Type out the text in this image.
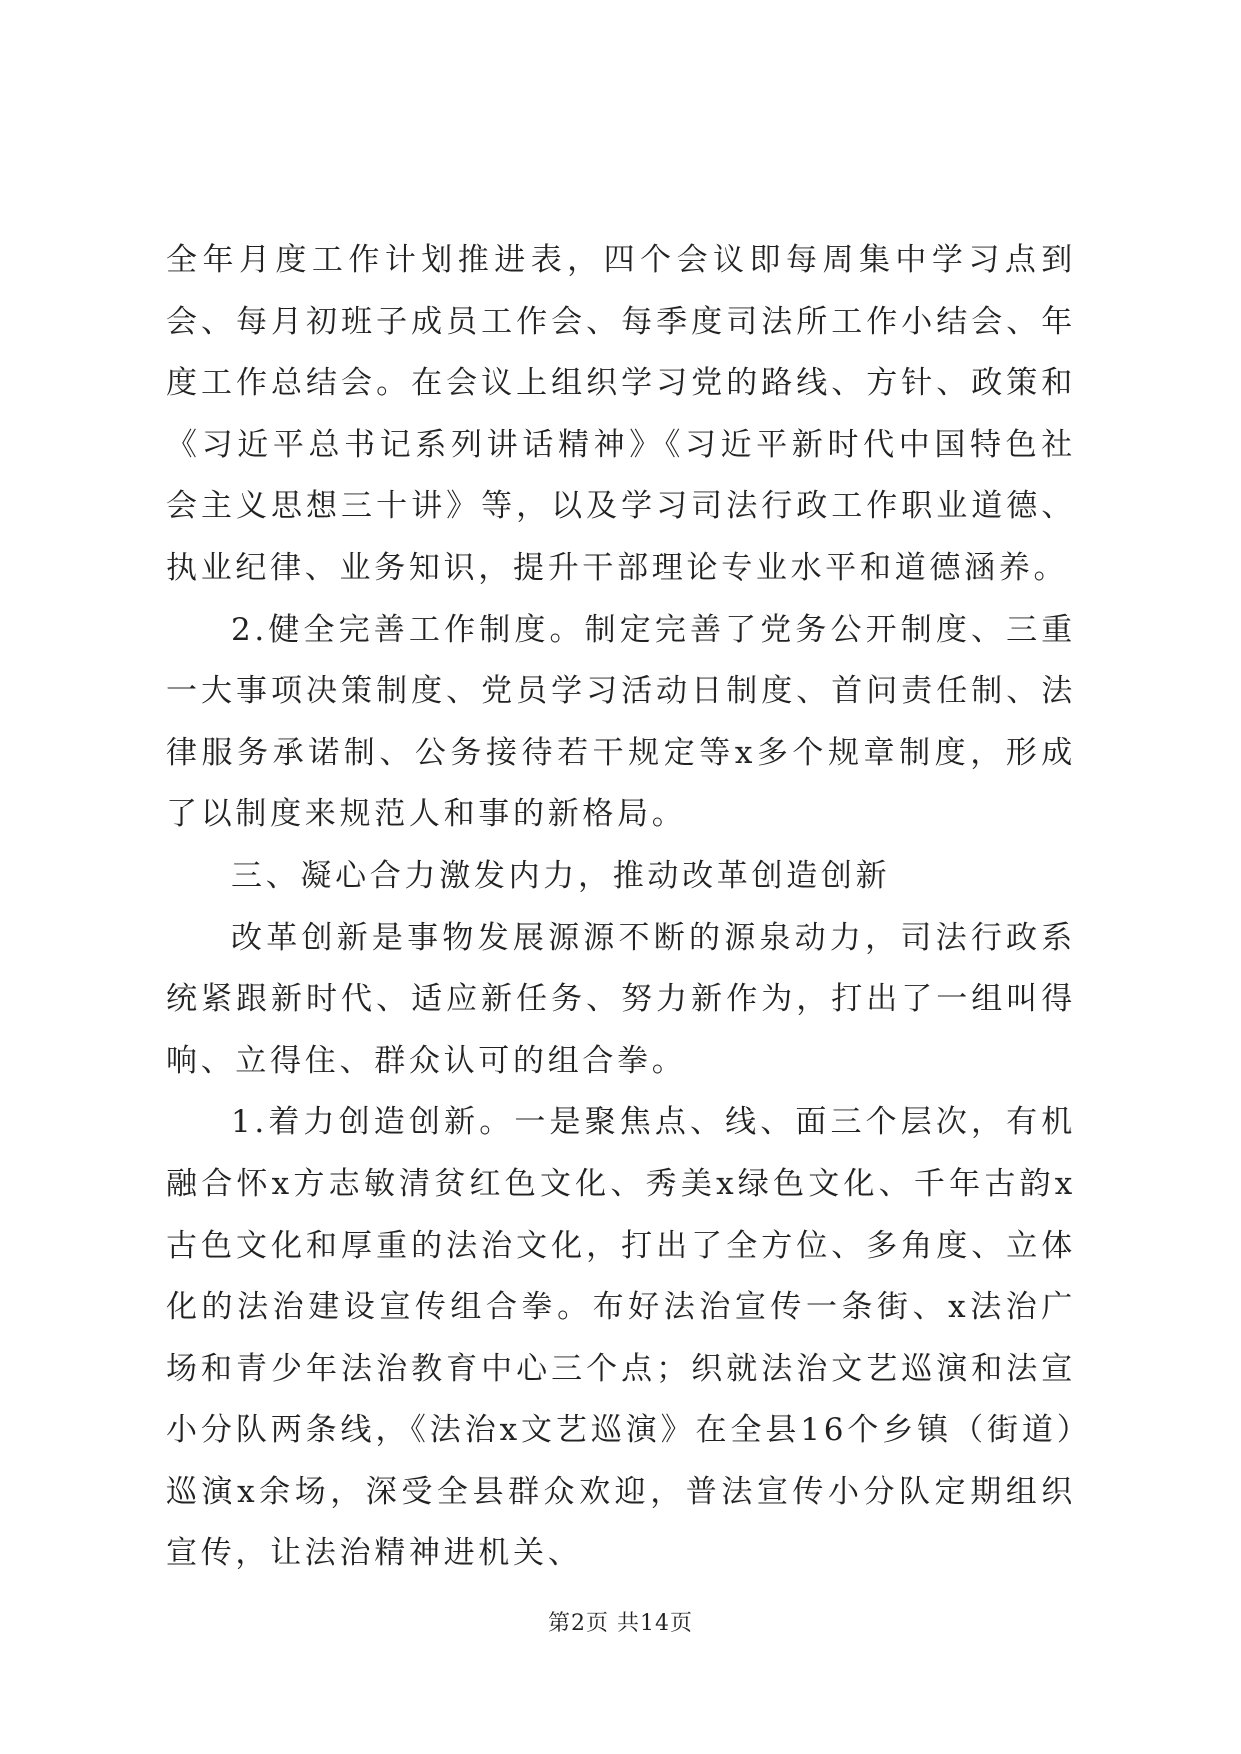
全年月度工作计划推进表，四个会议即每周集中学习点到会、每月初班子成员工作会、每季度司法所工作小结会、年度工作总结会。在会议上组织学习党的路线、方针、政策和《习近平总书记系列讲话精神》《习近平新时代中国特色社会主义思想三十讲》等，以及学习司法行政工作职业道德、执业纪律、业务知识，提升干部理论专业水平和道德涵养。

2.健全完善工作制度。制定完善了党务公开制度、三重一大事项决策制度、党员学习活动日制度、首问责任制、法律服务承诺制、公务接待若干规定等x多个规章制度，形成了以制度来规范人和事的新格局。

三、凝心合力激发内力，推动改革创造创新

改革创新是事物发展源源不断的源泉动力，司法行政系统紧跟新时代、适应新任务、努力新作为，打出了一组叫得响、立得住、群众认可的组合拳。

1.着力创造创新。一是聚焦点、线、面三个层次，有机融合怀x方志敏清贫红色文化、秀美x绿色文化、千年古韵x古色文化和厚重的法治文化，打出了全方位、多角度、立体化的法治建设宣传组合拳。布好法治宣传一条街、x法治广场和青少年法治教育中心三个点；织就法治文艺巡演和法宣小分队两条线，《法治x文艺巡演》在全县16个乡镇（街道）巡演x余场，深受全县群众欢迎，普法宣传小分队定期组织宣传，让法治精神进机关、

第2页 共14页
